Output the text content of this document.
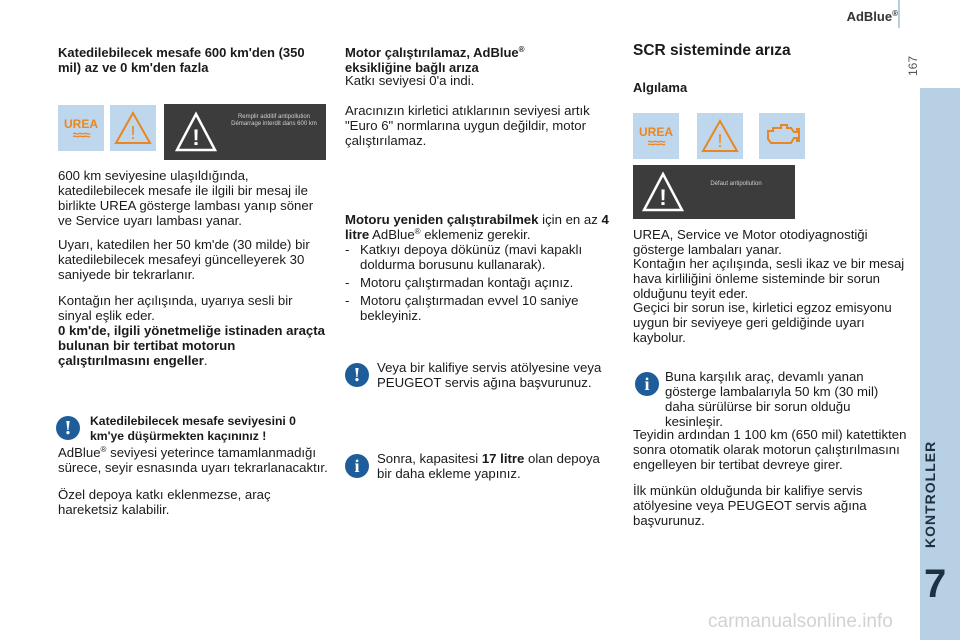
AdBlue®
167
KONTROLLER
7
Katedilebilecek mesafe 600 km'den (350 mil) az ve 0 km'den fazla
UREA
≈≈≈ !	!
Remplir additif antipollution Démarrage interdit dans 600 km
600 km seviyesine ulaşıldığında, katedilebilecek mesafe ile ilgili bir mesaj ile birlikte UREA gösterge lambası yanıp söner ve Service uyarı lambası yanar.
Uyarı, katedilen her 50 km'de (30 milde) bir katedilebilecek mesafeyi güncelleyerek 30 saniyede bir tekrarlanır.
Kontağın her açılışında, uyarıya sesli bir sinyal eşlik eder.
0 km'de, ilgili yönetmeliğe istinaden araçta bulunan bir tertibat motorun çalıştırılmasını engeller.
!	Katedilebilecek mesafe seviyesini 0 km'ye düşürmekten kaçınınız !
AdBlue® seviyesi yeterince tamamlanmadığı sürece, seyir esnasında uyarı tekrarlanacaktır.
Özel depoya katkı eklenmezse, araç hareketsiz kalabilir.
Motor çalıştırılamaz, AdBlue®
eksikliğine bağlı arıza
Katkı seviyesi 0'a indi.
Aracınızın kirletici atıklarının seviyesi artık "Euro 6" normlarına uygun değildir, motor çalıştırılamaz.
Motoru yeniden çalıştırabilmek için en az 4 litre AdBlue® eklemeniz gerekir.
- Katkıyı depoya dökünüz (mavi kapaklı doldurma borusunu kullanarak).
- Motoru çalıştırmadan kontağı açınız.
- Motoru çalıştırmadan evvel 10 saniye bekleyiniz.
!	Veya bir kalifiye servis atölyesine veya PEUGEOT servis ağına başvurunuz.
i	Sonra, kapasitesi 17 litre olan depoya bir daha ekleme yapınız.
SCR sisteminde arıza
Algılama
UREA
≈≈≈	!
!
Défaut antipollution
UREA, Service ve Motor otodiyagnostiği gösterge lambaları yanar.
Kontağın her açılışında, sesli ikaz ve bir mesaj hava kirliliğini önleme sisteminde bir sorun olduğunu teyit eder.
Geçici bir sorun ise, kirletici egzoz emisyonu uygun bir seviyeye geri geldiğinde uyarı kaybolur.
i	Buna karşılık araç, devamlı yanan gösterge lambalarıyla 50 km (30 mil) daha sürülürse bir sorun olduğu kesinleşir.
Teyidin ardından 1 100 km (650 mil) katettikten sonra otomatik olarak motorun çalıştırılmasını engelleyen bir tertibat devreye girer.
İlk münkün olduğunda bir kalifiye servis atölyesine veya PEUGEOT servis ağına başvurunuz.
carmanualsonline.info
